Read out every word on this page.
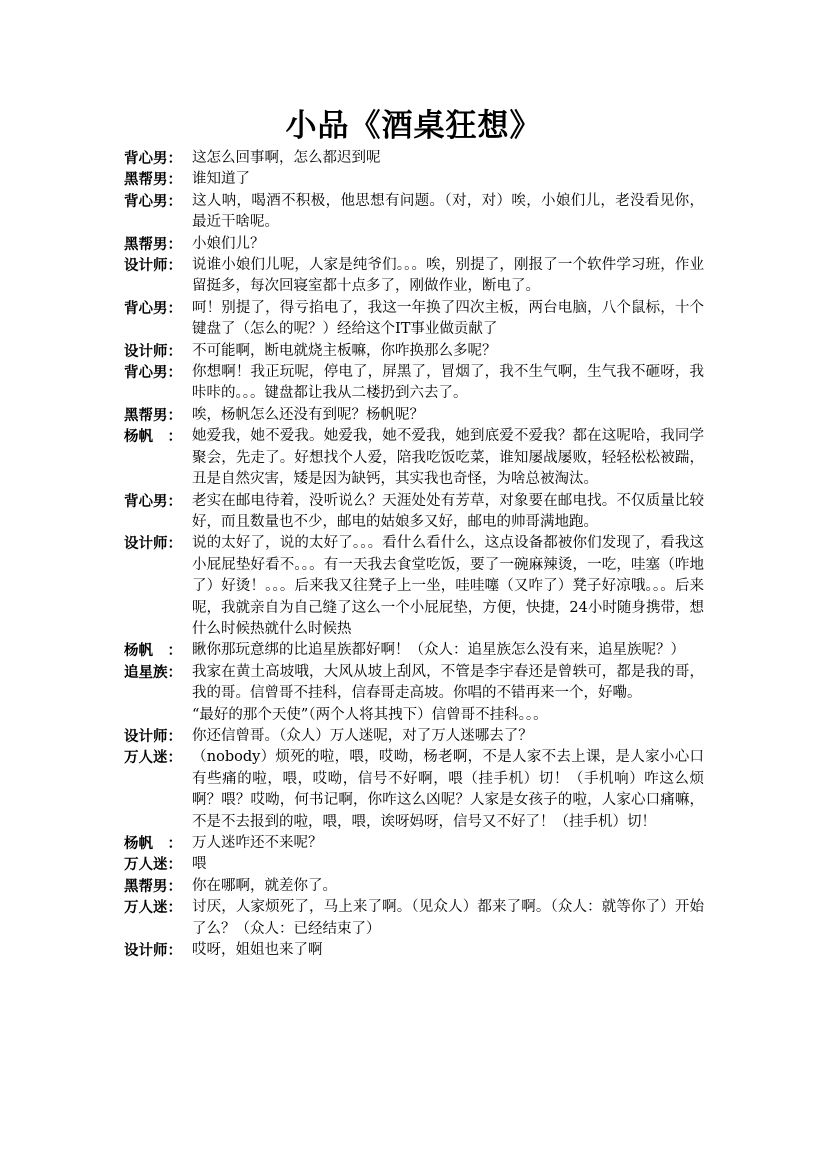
小品《酒桌狂想》
背心男： 这怎么回事啊，怎么都迟到呢
黑帮男： 谁知道了
背心男： 这人呐，喝酒不积极，他思想有问题。（对，对）唉，小娘们儿，老没看见你，最近干啥呢。
黑帮男： 小娘们儿？
设计师： 说谁小娘们儿呢，人家是纯爷们。。。唉，别提了，刚报了一个软件学习班，作业留挺多，每次回寝室都十点多了，刚做作业，断电了。
背心男： 呵！别提了，得亏掐电了，我这一年换了四次主板，两台电脑，八个鼠标，十个键盘了（怎么的呢？）经给这个IT事业做贡献了
设计师： 不可能啊，断电就烧主板嘛，你咋换那么多呢？
背心男： 你想啊！我正玩呢，停电了，屏黑了，冒烟了，我不生气啊，生气我不砸呀，我咔咔的。。。键盘都让我从二楼扔到六去了。
黑帮男： 唉，杨帆怎么还没有到呢？杨帆呢？
杨帆　： 她爱我，她不爱我。她爱我，她不爱我，她到底爱不爱我？都在这呢哈，我同学聚会，先走了。好想找个人爱，陪我吃饭吃菜，谁知屡战屡败，轻轻松松被踹，丑是自然灾害，矮是因为缺钙，其实我也奇怪，为啥总被淘汰。
背心男： 老实在邮电待着，没听说么？天涯处处有芳草，对象要在邮电找。不仅质量比较好，而且数量也不少，邮电的姑娘多又好，邮电的帅哥满地跑。
设计师： 说的太好了，说的太好了。。。看什么看什么，这点设备都被你们发现了，看我这小屁屁垫好看不。。。有一天我去食堂吃饭，要了一碗麻辣烫，一吃，哇塞（咋地了）好烫！。。。后来我又往凳子上一坐，哇哇噻（又咋了）凳子好凉哦。。。后来呢，我就亲自为自己缝了这么一个小屁屁垫，方便，快捷，24小时随身携带，想什么时候热就什么时候热
杨帆　： 瞅你那玩意绑的比追星族都好啊！（众人：追星族怎么没有来，追星族呢？）
追星族： 我家在黄土高坡哦，大风从坡上刮风，不管是李宇春还是曾轶可，都是我的哥，我的哥。信曾哥不挂科，信春哥走高坡。你唱的不错再来一个，好嘞。
“最好的那个天使”（两个人将其拽下）信曾哥不挂科。。。
设计师： 你还信曾哥。（众人）万人迷呢，对了万人迷哪去了？
万人迷： （nobody）烦死的啦，喂，哎呦，杨老啊，不是人家不去上课，是人家小心口有些痛的啦，喂，哎呦，信号不好啊，喂（挂手机）切！（手机响）咋这么烦啊？喂？哎呦，何书记啊，你咋这么凶呢？人家是女孩子的啦，人家心口痛嘛，不是不去报到的啦，喂，喂，诶呀妈呀，信号又不好了！（挂手机）切！
杨帆　： 万人迷咋还不来呢？
万人迷： 喂
黑帮男： 你在哪啊，就差你了。
万人迷： 讨厌，人家烦死了，马上来了啊。（见众人）都来了啊。（众人：就等你了）开始了么？（众人：已经结束了）
设计师： 哎呀，姐姐也来了啊
